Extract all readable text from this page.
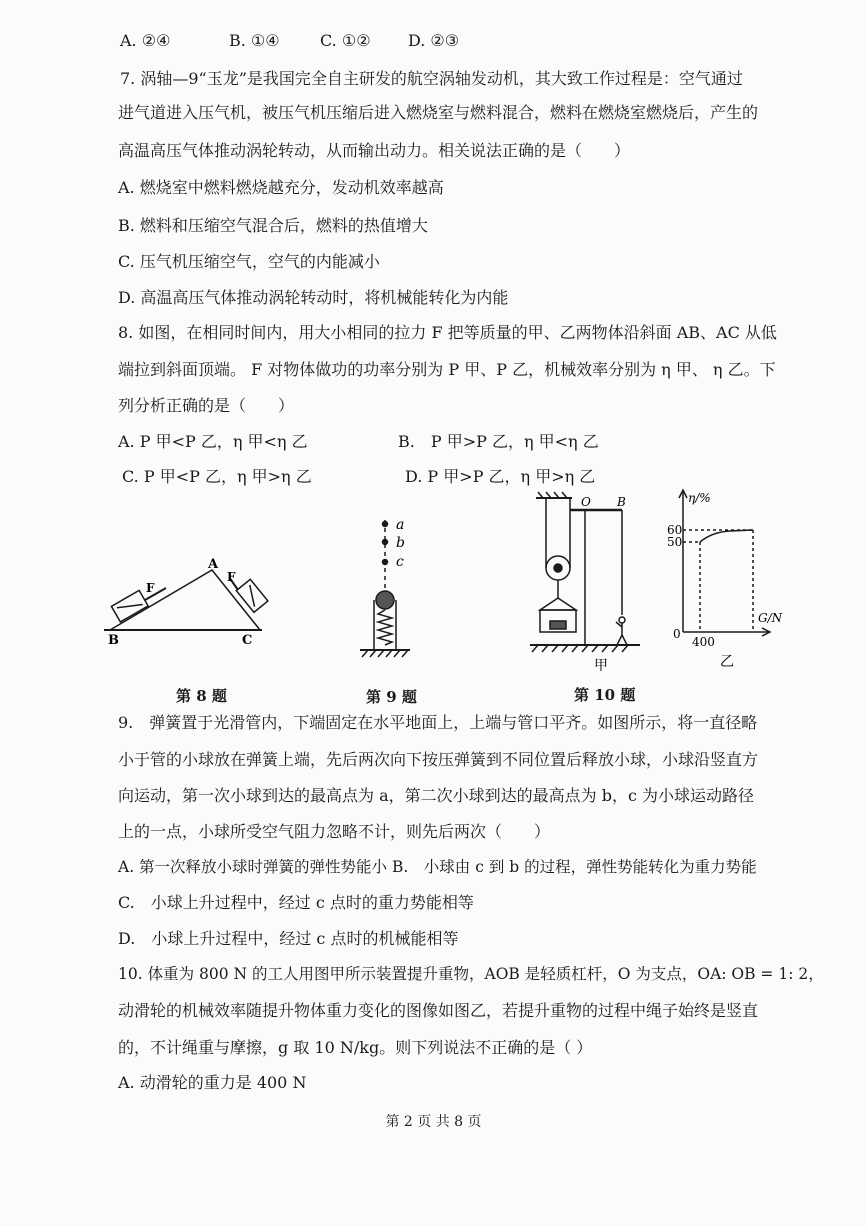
A. ②④	B. ①④	C. ①② D. ②③
7. 涡轴—9“玉龙”是我国完全自主研发的航空涡轴发动机，其大致工作过程是：空气通过
进气道进入压气机，被压气机压缩后进入燃烧室与燃料混合，燃料在燃烧室燃烧后，产生的
高温高压气体推动涡轮转动，从而输出动力。相关说法正确的是（　　）
A. 燃烧室中燃料燃烧越充分，发动机效率越高
B. 燃料和压缩空气混合后，燃料的热值增大
C. 压气机压缩空气，空气的内能减小
D. 高温高压气体推动涡轮转动时，将机械能转化为内能
8. 如图，在相同时间内，用大小相同的拉力 F 把等质量的甲、乙两物体沿斜面 AB、AC 从低
端拉到斜面顶端。 F 对物体做功的功率分别为 P 甲、P 乙，机械效率分别为 η 甲、 η 乙。下
列分析正确的是（　　）
A. P 甲<P 乙，η 甲<η 乙	B.　P 甲>P 乙，η 甲<η 乙
C. P 甲<P 乙，η 甲>η 乙	D. P 甲>P 乙，η 甲>η 乙
A
B	C
F
F
a
b
c
O B
甲
η/%
G/N
60
50
400
0
乙
第 8 题	第 9 题	第 10 题
9.　弹簧置于光滑管内，下端固定在水平地面上，上端与管口平齐。如图所示，将一直径略
小于管的小球放在弹簧上端，先后两次向下按压弹簧到不同位置后释放小球，小球沿竖直方
向运动，第一次小球到达的最高点为 a，第二次小球到达的最高点为 b，c 为小球运动路径
上的一点，小球所受空气阻力忽略不计，则先后两次（　　）
A. 第一次释放小球时弹簧的弹性势能小 B.　小球由 c 到 b 的过程，弹性势能转化为重力势能
C.　小球上升过程中，经过 c 点时的重力势能相等
D.　小球上升过程中，经过 c 点时的机械能相等
10. 体重为 800 N 的工人用图甲所示装置提升重物，AOB 是轻质杠杆，O 为支点，OA: OB = 1: 2，
动滑轮的机械效率随提升物体重力变化的图像如图乙，若提升重物的过程中绳子始终是竖直
的，不计绳重与摩擦，g 取 10 N/kg。则下列说法不正确的是（ ）
A. 动滑轮的重力是 400 N
第 2 页 共 8 页
